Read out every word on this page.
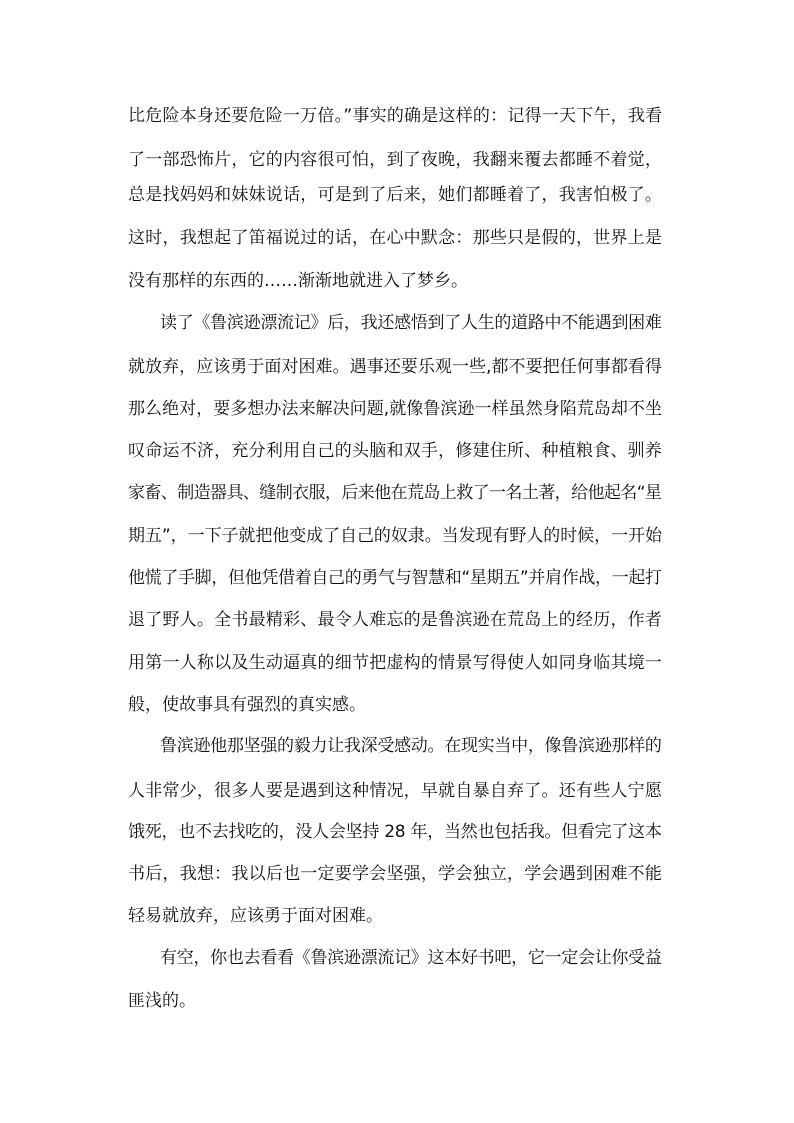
比危险本身还要危险一万倍。”事实的确是这样的：记得一天下午，我看
了一部恐怖片，它的内容很可怕，到了夜晚，我翻来覆去都睡不着觉，
总是找妈妈和妹妹说话，可是到了后来，她们都睡着了，我害怕极了。
这时，我想起了笛福说过的话，在心中默念：那些只是假的，世界上是
没有那样的东西的……渐渐地就进入了梦乡。
读了《鲁滨逊漂流记》后，我还感悟到了人生的道路中不能遇到困难
就放弃，应该勇于面对困难。遇事还要乐观一些,都不要把任何事都看得
那么绝对，要多想办法来解决问题,就像鲁滨逊一样虽然身陷荒岛却不坐
叹命运不济，充分利用自己的头脑和双手，修建住所、种植粮食、驯养
家畜、制造器具、缝制衣服，后来他在荒岛上救了一名土著，给他起名“星
期五”，一下子就把他变成了自己的奴隶。当发现有野人的时候，一开始
他慌了手脚，但他凭借着自己的勇气与智慧和“星期五”并肩作战，一起打
退了野人。全书最精彩、最令人难忘的是鲁滨逊在荒岛上的经历，作者
用第一人称以及生动逼真的细节把虚构的情景写得使人如同身临其境一
般，使故事具有强烈的真实感。
鲁滨逊他那坚强的毅力让我深受感动。在现实当中，像鲁滨逊那样的
人非常少，很多人要是遇到这种情况，早就自暴自弃了。还有些人宁愿
饿死，也不去找吃的，没人会坚持 28 年，当然也包括我。但看完了这本
书后，我想：我以后也一定要学会坚强，学会独立，学会遇到困难不能
轻易就放弃，应该勇于面对困难。
有空，你也去看看《鲁滨逊漂流记》这本好书吧，它一定会让你受益
匪浅的。
